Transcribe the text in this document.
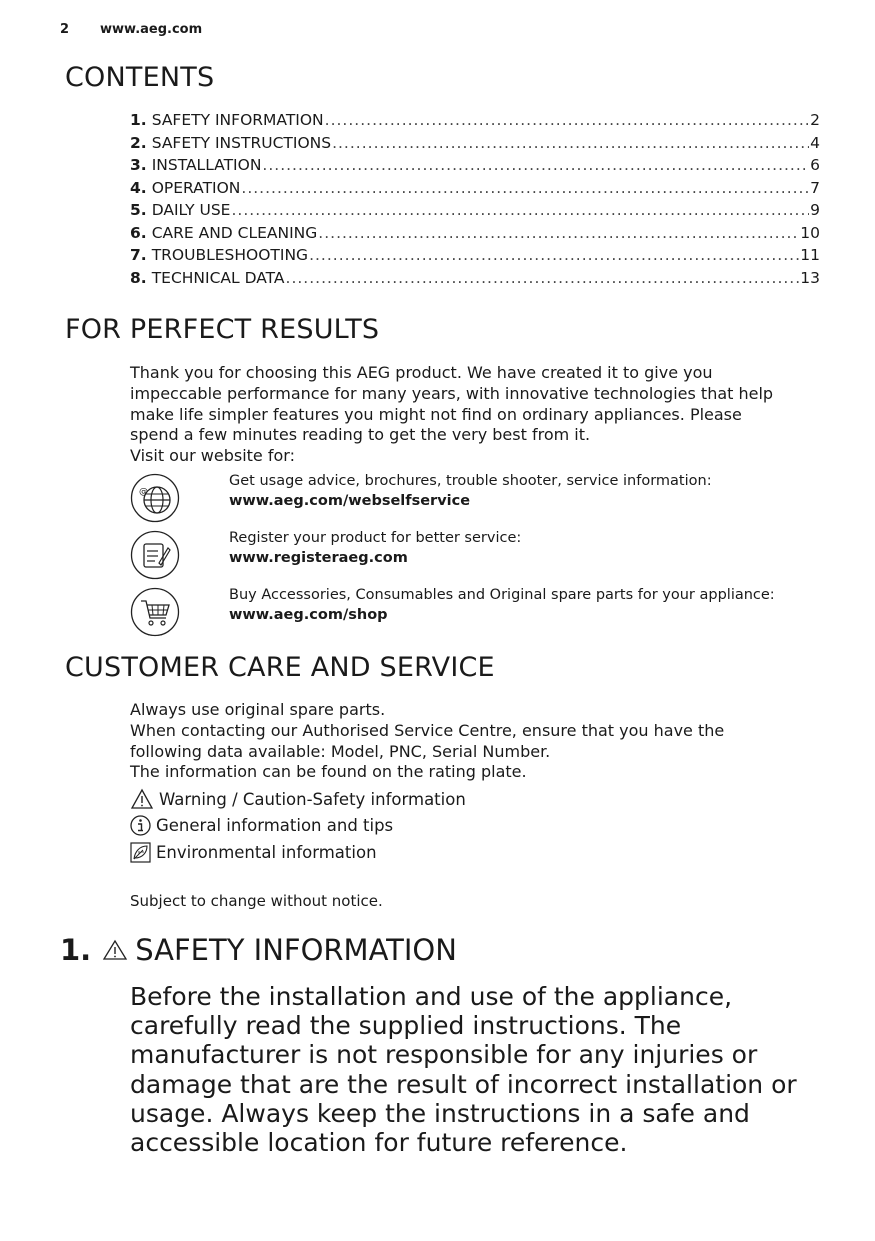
2 www.aeg.com
CONTENTS
1. SAFETY INFORMATION .....	2
2. SAFETY INSTRUCTIONS .....	4
3. INSTALLATION .....	6
4. OPERATION .....	7
5. DAILY USE .....	9
6. CARE AND CLEANING .....	10
7. TROUBLESHOOTING .....	11
8. TECHNICAL DATA .....	13
FOR PERFECT RESULTS
Thank you for choosing this AEG product. We have created it to give you
impeccable performance for many years, with innovative technologies that help
make life simpler features you might not find on ordinary appliances. Please
spend a few minutes reading to get the very best from it.
Visit our website for:
@
Get usage advice, brochures, trouble shooter, service information:
www.aeg.com/webselfservice
Register your product for better service:
www.registeraeg.com
Buy Accessories, Consumables and Original spare parts for your appliance:
www.aeg.com/shop
CUSTOMER CARE AND SERVICE
Always use original spare parts.
When contacting our Authorised Service Centre, ensure that you have the
following data available: Model, PNC, Serial Number.
The information can be found on the rating plate.
Warning / Caution-Safety information
General information and tips
Environmental information
Subject to change without notice.
1. SAFETY INFORMATION
Before the installation and use of the appliance,
carefully read the supplied instructions. The
manufacturer is not responsible for any injuries or
damage that are the result of incorrect installation or
usage. Always keep the instructions in a safe and
accessible location for future reference.
